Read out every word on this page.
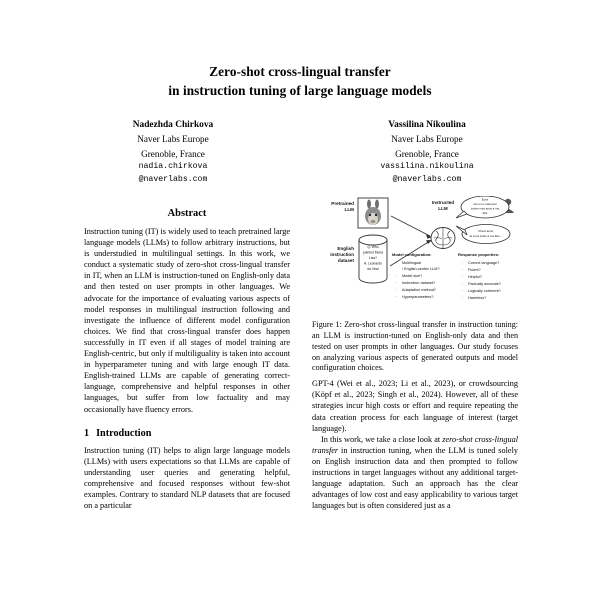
Zero-shot cross-lingual transfer
in instruction tuning of large language models
Nadezhda Chirkova
Naver Labs Europe
Grenoble, France
nadia.chirkova
@naverlabs.com
Vassilina Nikoulina
Naver Labs Europe
Grenoble, France
vassilina.nikoulina
@naverlabs.com
Abstract

Instruction tuning (IT) is widely used to teach pretrained large language models (LLMs) to follow arbitrary instructions, but is understudied in multilingual settings. In this work, we conduct a systematic study of zero-shot cross-lingual transfer in IT, when an LLM is instruction-tuned on English-only data and then tested on user prompts in other languages. We advocate for the importance of evaluating various aspects of model responses in multilingual instruction following and investigate the influence of different model configuration choices. We find that cross-lingual transfer does happen successfully in IT even if all stages of model training are English-centric, but only if multiliguality is taken into account in hyperparameter tuning and with large enough IT data. English-trained LLMs are capable of generating correct-language, comprehensive and helpful responses in other languages, but suffer from low factuality and may occasionally have fluency errors.

1 Introduction

Instruction tuning (IT) helps to align large language models (LLMs) with users expectations so that LLMs are capable of understanding user queries and generating helpful, comprehensive and focused responses without few-shot examples. Contrary to standard NLP datasets that are focused on a particular

Q: Who
painted Mona
Lisa?
A: Leonardo
da Vinci
Pretrained
LLM
English
instruction
dataset
Instructed
LLM
Ecris
moi un e-mail pour
inviter mes amis à ma
fête
Chers amis,
Je vous invite à ma fête ...
Model configuration:
· Multilingual
/ English-centric LLM?
· Model size?
· Instruction dataset?
· Adaptation method?
· Hyperparameters?
Response properties:
· Correct language?
· Fluent?
· Helpful?
· Factually accurate?
· Logically coherent?
· Harmless?

Figure 1: Zero-shot cross-lingual transfer in instruction tuning: an LLM is instruction-tuned on English-only data and then tested on user prompts in other languages. Our study focuses on analyzing various aspects of generated outputs and model configuration choices.

GPT-4 (Wei et al., 2023; Li et al., 2023), or crowdsourcing (Köpf et al., 2023; Singh et al., 2024). However, all of these strategies incur high costs or effort and require repeating the data creation process for each language of interest (target language).

In this work, we take a close look at zero-shot cross-lingual transfer in instruction tuning, when the LLM is tuned solely on English instruction data and then prompted to follow instructions in target languages without any additional target-language adaptation. Such an approach has the clear advantages of low cost and easy applicability to various target languages but is often considered just as a
